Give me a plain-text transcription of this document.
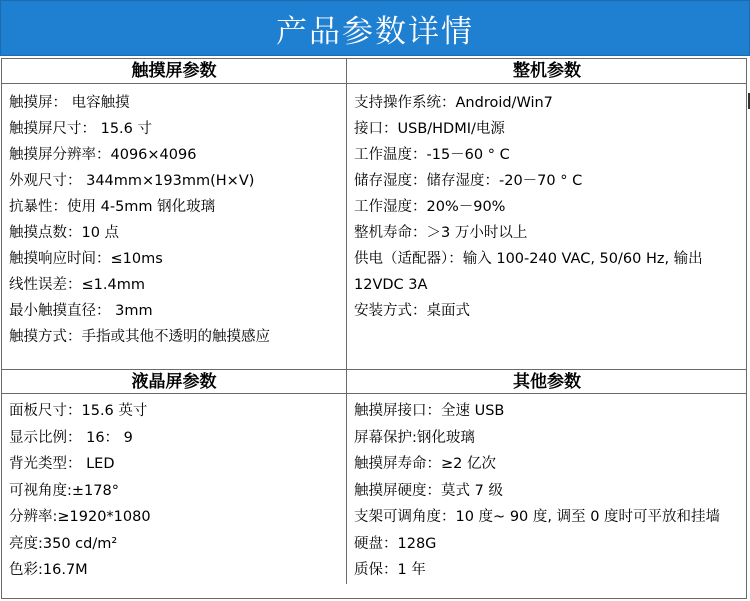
产品参数详情
触摸屏参数
触摸屏： 电容触摸
触摸屏尺寸： 15.6 寸
触摸屏分辨率：4096×4096
外观尺寸： 344mm×193mm(H×V)
抗暴性：使用 4-5mm 钢化玻璃
触摸点数：10 点
触摸响应时间：≤10ms
线性误差：≤1.4mm
最小触摸直径： 3mm
触摸方式：手指或其他不透明的触摸感应
液晶屏参数
面板尺寸：15.6 英寸
显示比例： 16： 9
背光类型： LED
可视角度:±178°
分辨率:≥1920*1080
亮度:350 cd/m²
色彩:16.7M
整机参数
支持操作系统：Android/Win7
接口：USB/HDMI/电源
工作温度：-15－60 ° C
储存湿度：储存湿度：-20－70 ° C
工作湿度：20%－90%
整机寿命：＞3 万小时以上
供电（适配器）：输入 100-240 VAC, 50/60 Hz, 输出 12VDC 3A
安装方式：桌面式
其他参数
触摸屏接口：全速 USB
屏幕保护:钢化玻璃
触摸屏寿命：≥2 亿次
触摸屏硬度：莫式 7 级
支架可调角度：10 度~ 90 度, 调至 0 度时可平放和挂墙
硬盘：128G
质保：1 年
